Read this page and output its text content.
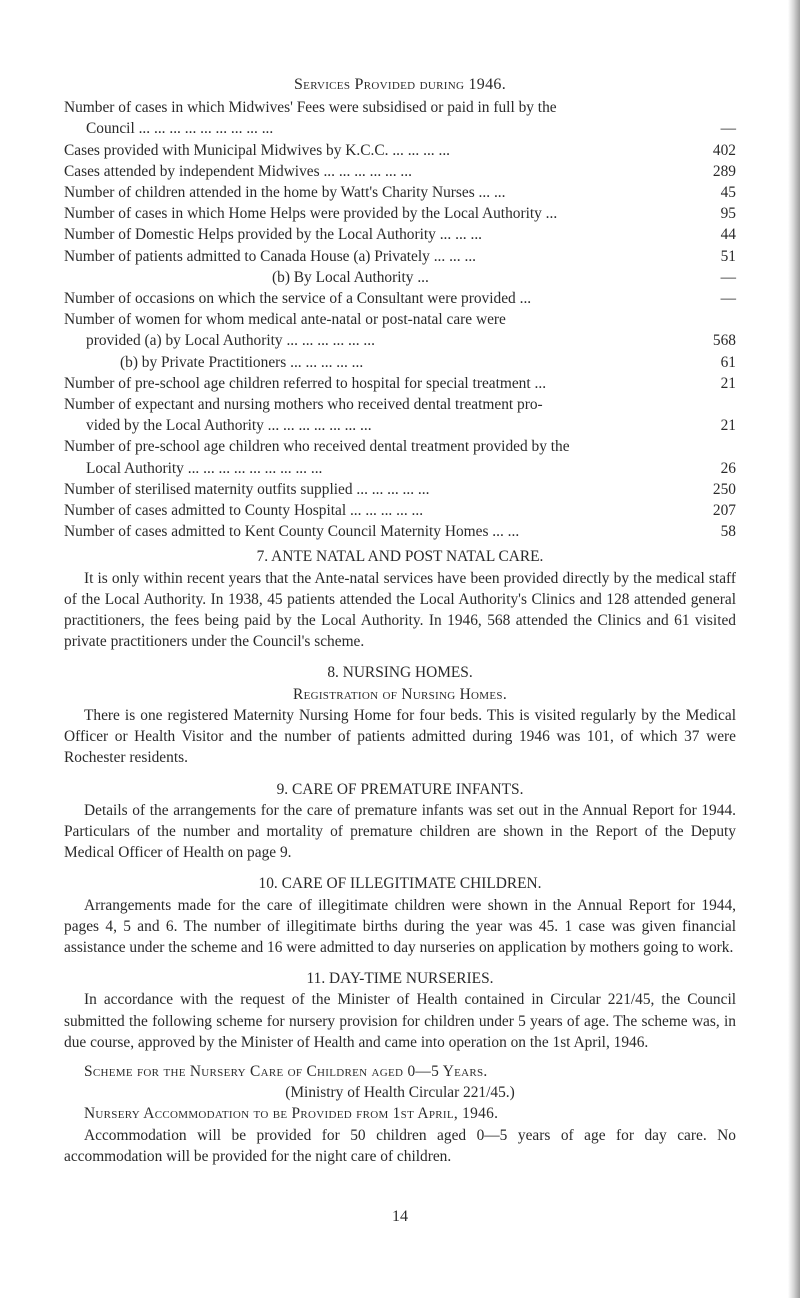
Services Provided during 1946.
Number of cases in which Midwives' Fees were subsidised or paid in full by the
Council ... ... ... ... ... ... ... ... ...	—
Cases provided with Municipal Midwives by K.C.C. ... ... ... ...	402
Cases attended by independent Midwives ... ... ... ... ... ...	289
Number of children attended in the home by Watt's Charity Nurses ... ...	45
Number of cases in which Home Helps were provided by the Local Authority ...	95
Number of Domestic Helps provided by the Local Authority ... ... ...	44
Number of patients admitted to Canada House (a) Privately ... ... ...	51
(b) By Local Authority ...	—
Number of occasions on which the service of a Consultant were provided ...	—
Number of women for whom medical ante-natal or post-natal care were
provided (a) by Local Authority ... ... ... ... ... ...	568
(b) by Private Practitioners ... ... ... ... ...	61
Number of pre-school age children referred to hospital for special treatment ...	21
Number of expectant and nursing mothers who received dental treatment pro-
vided by the Local Authority ... ... ... ... ... ... ...	21
Number of pre-school age children who received dental treatment provided by the
Local Authority ... ... ... ... ... ... ... ... ...	26
Number of sterilised maternity outfits supplied ... ... ... ... ...	250
Number of cases admitted to County Hospital ... ... ... ... ...	207
Number of cases admitted to Kent County Council Maternity Homes ... ...	58
7. ANTE NATAL AND POST NATAL CARE.
It is only within recent years that the Ante-natal services have been provided directly by the medical staff of the Local Authority. In 1938, 45 patients attended the Local Authority's Clinics and 128 attended general practitioners, the fees being paid by the Local Authority. In 1946, 568 attended the Clinics and 61 visited private practitioners under the Council's scheme.
8. NURSING HOMES.
Registration of Nursing Homes.
There is one registered Maternity Nursing Home for four beds. This is visited regularly by the Medical Officer or Health Visitor and the number of patients admitted during 1946 was 101, of which 37 were Rochester residents.
9. CARE OF PREMATURE INFANTS.
Details of the arrangements for the care of premature infants was set out in the Annual Report for 1944. Particulars of the number and mortality of premature children are shown in the Report of the Deputy Medical Officer of Health on page 9.
10. CARE OF ILLEGITIMATE CHILDREN.
Arrangements made for the care of illegitimate children were shown in the Annual Report for 1944, pages 4, 5 and 6. The number of illegitimate births during the year was 45. 1 case was given financial assistance under the scheme and 16 were admitted to day nurseries on application by mothers going to work.
11. DAY-TIME NURSERIES.
In accordance with the request of the Minister of Health contained in Circular 221/45, the Council submitted the following scheme for nursery provision for children under 5 years of age. The scheme was, in due course, approved by the Minister of Health and came into operation on the 1st April, 1946.
Scheme for the Nursery Care of Children aged 0—5 Years.
(Ministry of Health Circular 221/45.)
Nursery Accommodation to be Provided from 1st April, 1946.
Accommodation will be provided for 50 children aged 0—5 years of age for day care. No accommodation will be provided for the night care of children.
14
